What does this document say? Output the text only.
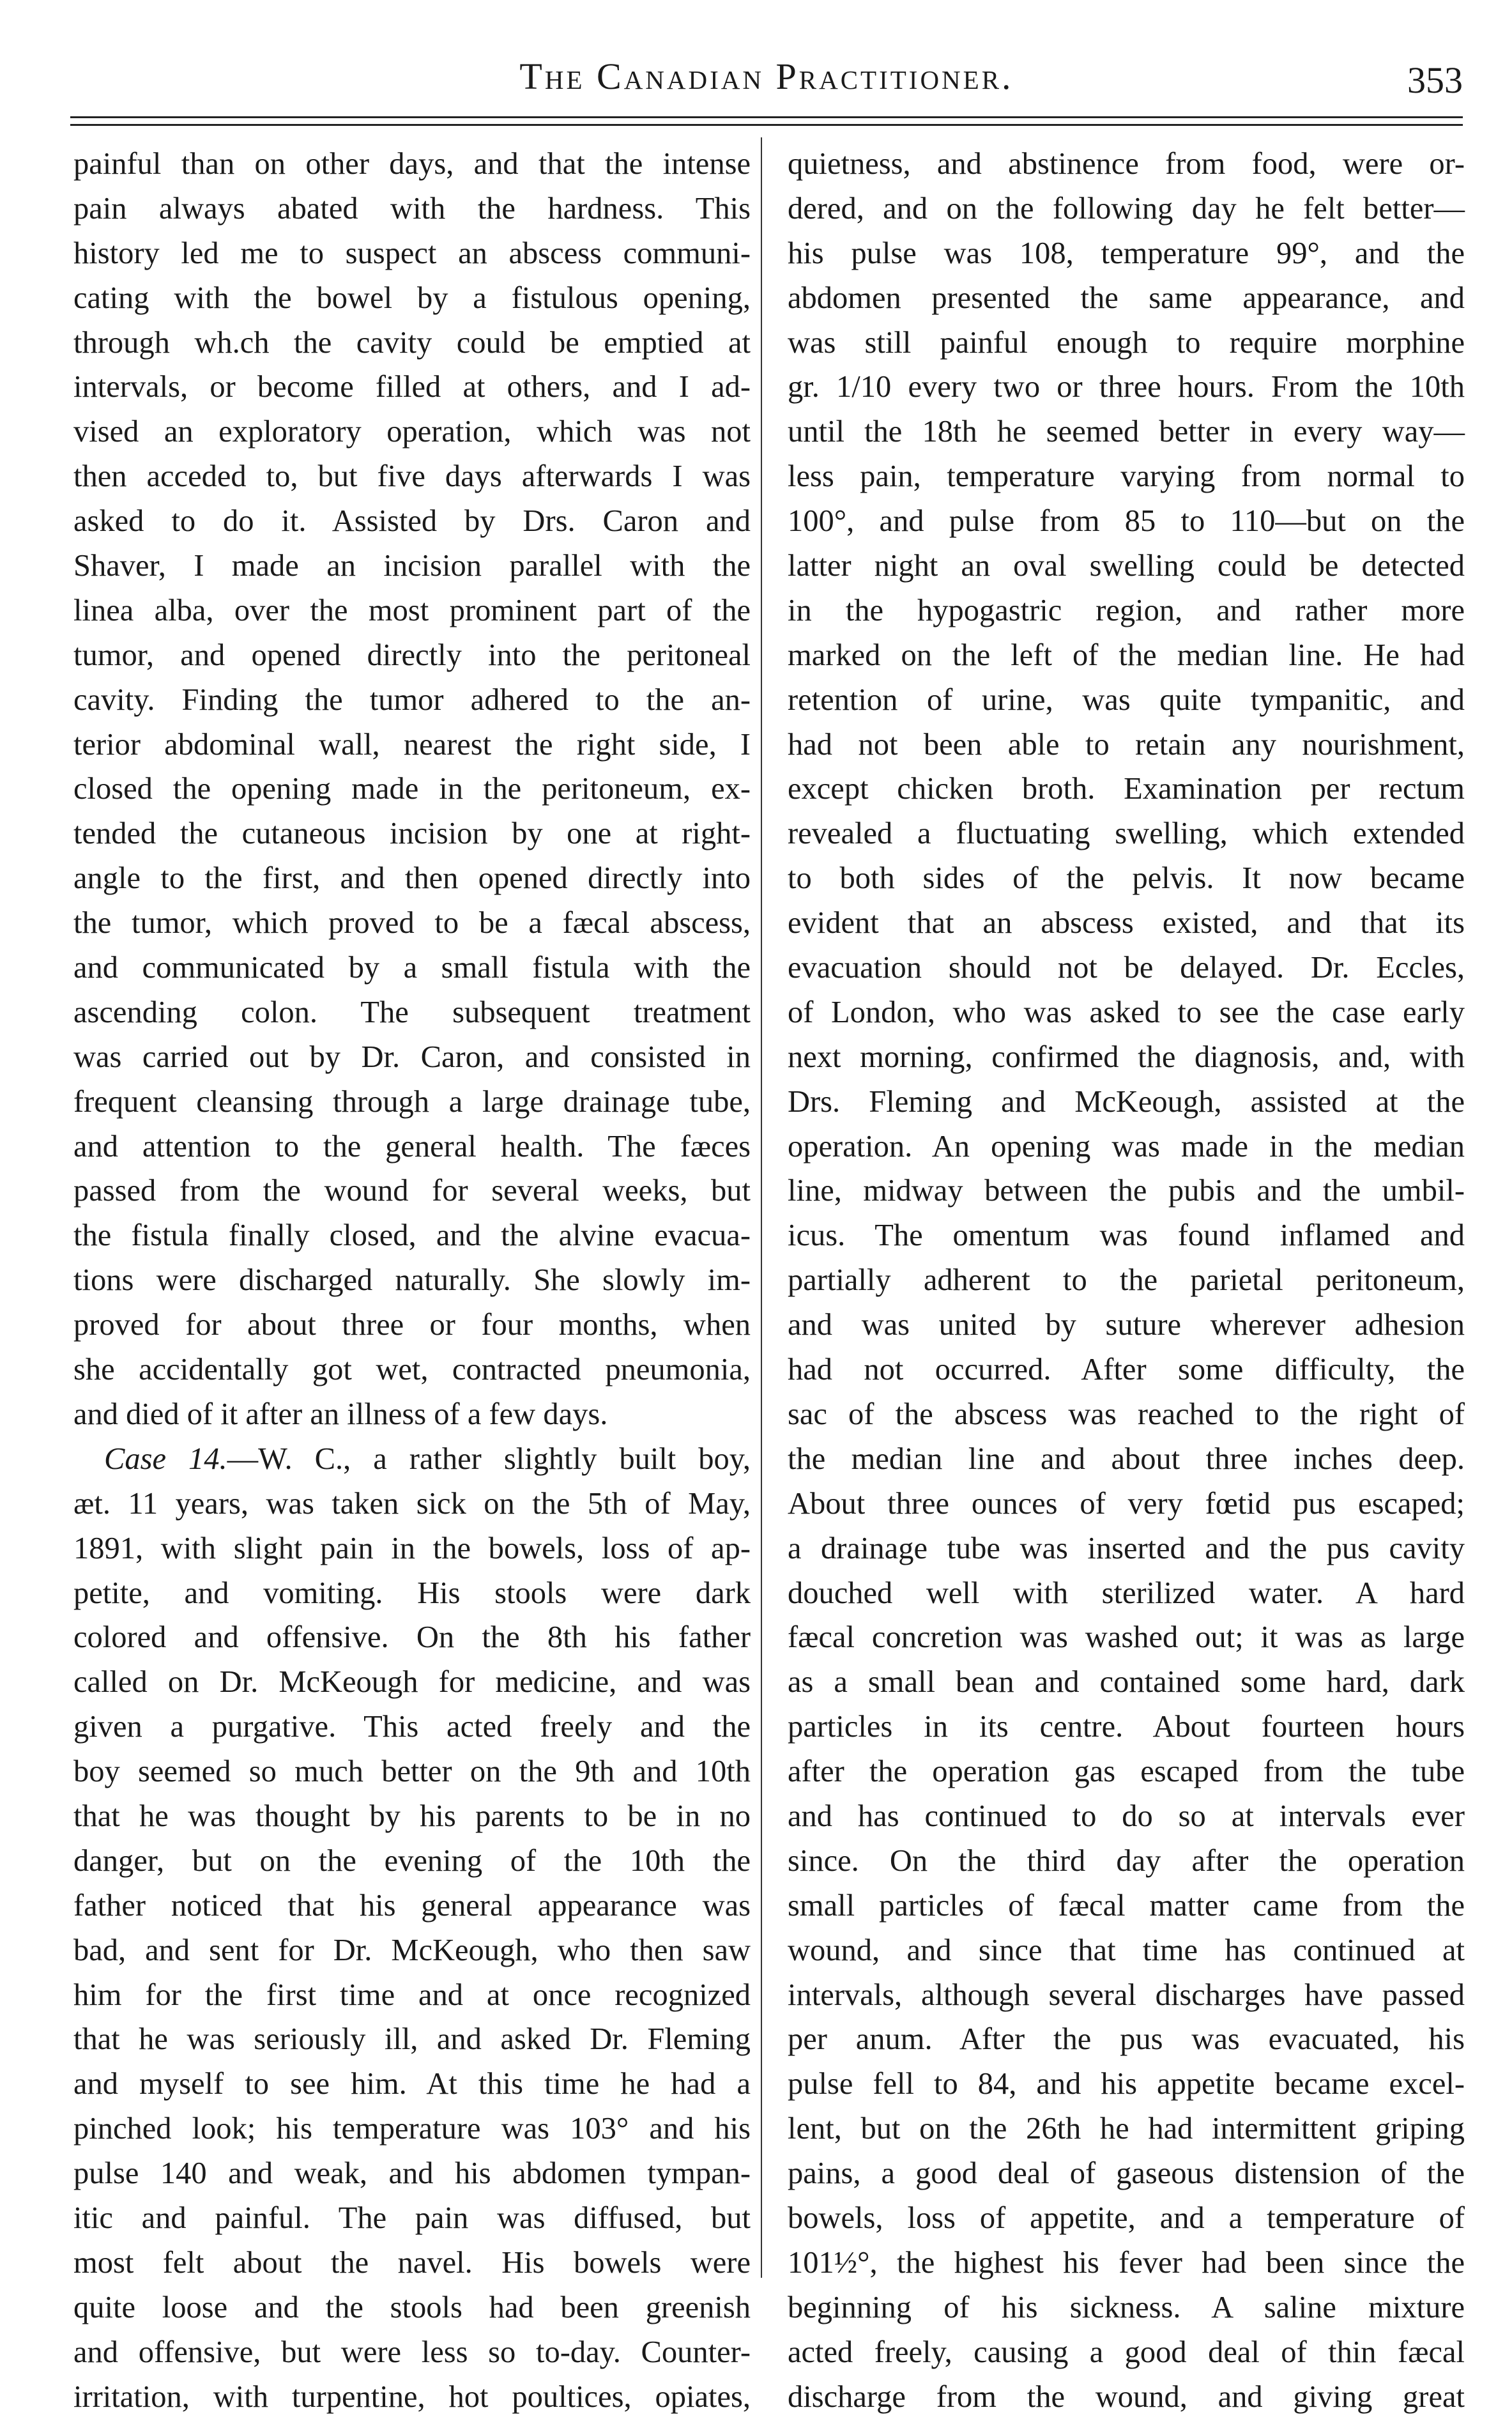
The Canadian Practitioner.	353
painful than on other days, and that the intense
pain always abated with the hardness. This
history led me to suspect an abscess communi-
cating with the bowel by a fistulous opening,
through wh.ch the cavity could be emptied at
intervals, or become filled at others, and I ad-
vised an exploratory operation, which was not
then acceded to, but five days afterwards I was
asked to do it. Assisted by Drs. Caron and
Shaver, I made an incision parallel with the
linea alba, over the most prominent part of the
tumor, and opened directly into the peritoneal
cavity. Finding the tumor adhered to the an-
terior abdominal wall, nearest the right side, I
closed the opening made in the peritoneum, ex-
tended the cutaneous incision by one at right-
angle to the first, and then opened directly into
the tumor, which proved to be a fæcal abscess,
and communicated by a small fistula with the
ascending colon. The subsequent treatment
was carried out by Dr. Caron, and consisted in
frequent cleansing through a large drainage tube,
and attention to the general health. The fæces
passed from the wound for several weeks, but
the fistula finally closed, and the alvine evacua-
tions were discharged naturally. She slowly im-
proved for about three or four months, when
she accidentally got wet, contracted pneumonia,
and died of it after an illness of a few days.
Case 14.—W. C., a rather slightly built boy,
æt. 11 years, was taken sick on the 5th of May,
1891, with slight pain in the bowels, loss of ap-
petite, and vomiting. His stools were dark
colored and offensive. On the 8th his father
called on Dr. McKeough for medicine, and was
given a purgative. This acted freely and the
boy seemed so much better on the 9th and 10th
that he was thought by his parents to be in no
danger, but on the evening of the 10th the
father noticed that his general appearance was
bad, and sent for Dr. McKeough, who then saw
him for the first time and at once recognized
that he was seriously ill, and asked Dr. Fleming
and myself to see him. At this time he had a
pinched look; his temperature was 103° and his
pulse 140 and weak, and his abdomen tympan-
itic and painful. The pain was diffused, but
most felt about the navel. His bowels were
quite loose and the stools had been greenish
and offensive, but were less so to-day. Counter-
irritation, with turpentine, hot poultices, opiates,
quietness, and abstinence from food, were or-
dered, and on the following day he felt better—
his pulse was 108, temperature 99°, and the
abdomen presented the same appearance, and
was still painful enough to require morphine
gr. 1/10 every two or three hours. From the 10th
until the 18th he seemed better in every way—
less pain, temperature varying from normal to
100°, and pulse from 85 to 110—but on the
latter night an oval swelling could be detected
in the hypogastric region, and rather more
marked on the left of the median line. He had
retention of urine, was quite tympanitic, and
had not been able to retain any nourishment,
except chicken broth. Examination per rectum
revealed a fluctuating swelling, which extended
to both sides of the pelvis. It now became
evident that an abscess existed, and that its
evacuation should not be delayed. Dr. Eccles,
of London, who was asked to see the case early
next morning, confirmed the diagnosis, and, with
Drs. Fleming and McKeough, assisted at the
operation. An opening was made in the median
line, midway between the pubis and the umbil-
icus. The omentum was found inflamed and
partially adherent to the parietal peritoneum,
and was united by suture wherever adhesion
had not occurred. After some difficulty, the
sac of the abscess was reached to the right of
the median line and about three inches deep.
About three ounces of very fœtid pus escaped;
a drainage tube was inserted and the pus cavity
douched well with sterilized water. A hard
fæcal concretion was washed out; it was as large
as a small bean and contained some hard, dark
particles in its centre. About fourteen hours
after the operation gas escaped from the tube
and has continued to do so at intervals ever
since. On the third day after the operation
small particles of fæcal matter came from the
wound, and since that time has continued at
intervals, although several discharges have passed
per anum. After the pus was evacuated, his
pulse fell to 84, and his appetite became excel-
lent, but on the 26th he had intermittent griping
pains, a good deal of gaseous distension of the
bowels, loss of appetite, and a temperature of
101½°, the highest his fever had been since the
beginning of his sickness. A saline mixture
acted freely, causing a good deal of thin fæcal
discharge from the wound, and giving great
